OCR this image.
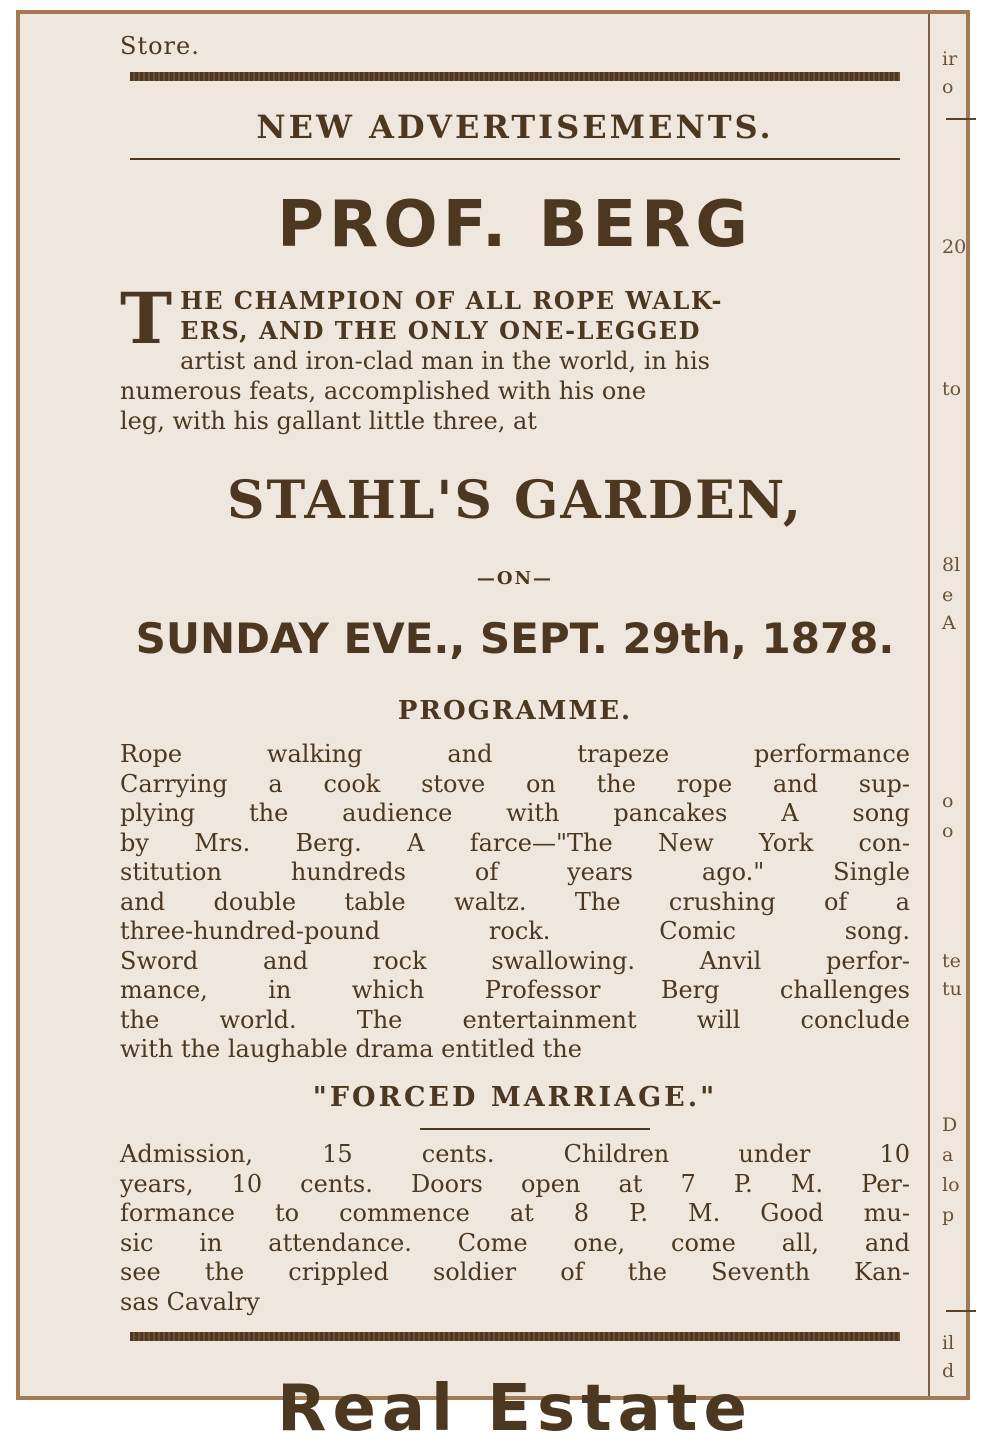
Store.
NEW ADVERTISEMENTS.
PROF. BERG
T HE CHAMPION OF ALL ROPE WALK-

ERS, AND THE ONLY ONE-LEGGED

artist and iron-clad man in the world, in his

numerous feats, accomplished with his one

leg, with his gallant little three, at

STAHL'S GARDEN,
—ON—
SUNDAY EVE., SEPT. 29th, 1878.
PROGRAMME.

Rope walking and trapeze performance

Carrying a cook stove on the rope and sup-

plying the audience with pancakes A song

by Mrs. Berg. A farce—"The New York con-

stitution hundreds of years ago." Single

and double table waltz. The crushing of a

three-hundred-pound rock. Comic song.

Sword and rock swallowing. Anvil perfor-

mance, in which Professor Berg challenges

the world. The entertainment will conclude

with the laughable drama entitled the

"FORCED MARRIAGE."

Admission, 15 cents. Children under 10

years, 10 cents. Doors open at 7 P. M. Per-

formance to commence at 8 P. M. Good mu-

sic in attendance. Come one, come all, and

see the crippled soldier of the Seventh Kan-

sas Cavalry

Real Estate
ir
o
20
to
8l
e
A
o
o
te
tu
D
a
lo
p
il
d
